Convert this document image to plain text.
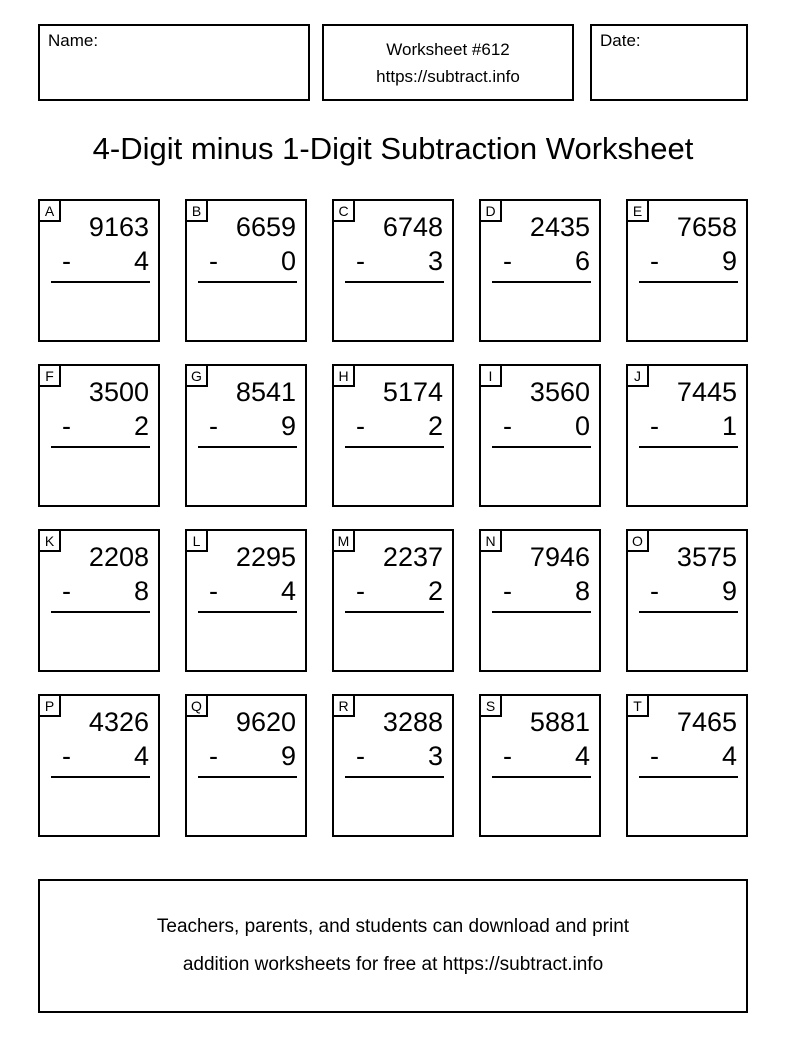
Name:	Worksheet #612
https://subtract.info
Date:
4-Digit minus 1-Digit Subtraction Worksheet
A
9163
- 4
B
6659
- 0
C
6748
- 3
D
2435
- 6
E
7658
- 9
F
3500
- 2
G
8541
- 9
H
5174
- 2
I
3560
- 0
J
7445
- 1
K
2208
- 8
L
2295
- 4
M
2237
- 2
N
7946
- 8
O
3575
- 9
P
4326
- 4
Q
9620
- 9
R
3288
- 3
S
5881
- 4
T
7465
- 4
Teachers, parents, and students can download and print
addition worksheets for free at https://subtract.info
